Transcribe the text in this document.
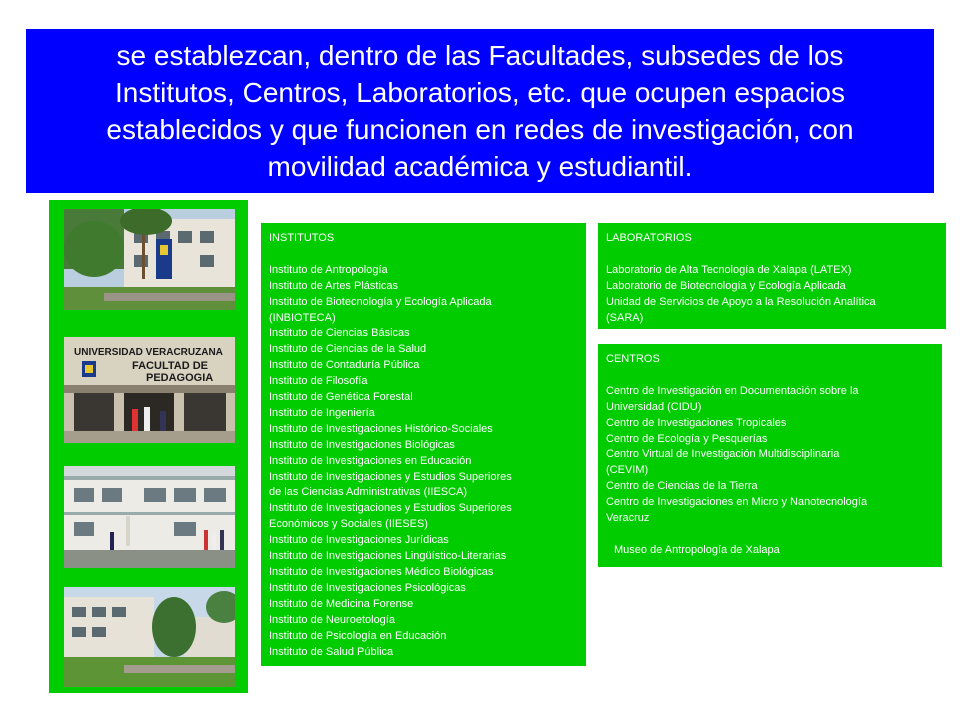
se establezcan, dentro de las Facultades, subsedes de los
Institutos, Centros, Laboratorios, etc. que ocupen espacios
establecidos y que funcionen en redes de investigación, con
movilidad académica y estudiantil.
UNIVERSIDAD VERACRUZANA
FACULTAD DE
PEDAGOGIA
INSTITUTOS
Instituto de Antropología
Instituto de Artes Plásticas
Instituto de Biotecnología y Ecología Aplicada
(INBIOTECA)
Instituto de Ciencias Básicas
Instituto de Ciencias de la Salud
Instituto de Contaduría Pública
Instituto de Filosofía
Instituto de Genética Forestal
Instituto de Ingeniería
Instituto de Investigaciones Histórico-Sociales
Instituto de Investigaciones Biológicas
Instituto de Investigaciones en Educación
Instituto de Investigaciones y Estudios Superiores
de las Ciencias Administrativas (IIESCA)
Instituto de Investigaciones y Estudios Superiores
Económicos y Sociales (IIESES)
Instituto de Investigaciones Jurídicas
Instituto de Investigaciones Lingüístico-Literarias
Instituto de Investigaciones Médico Biológicas
Instituto de Investigaciones Psicológicas
Instituto de Medicina Forense
Instituto de Neuroetología
Instituto de Psicología en Educación
Instituto de Salud Pública
LABORATORIOS
Laboratorio de Alta Tecnología de Xalapa (LATEX)
Laboratorio de Biotecnología y Ecología Aplicada
Unidad de Servicios de Apoyo a la Resolución Analítica
(SARA)
CENTROS
Centro de Investigación en Documentación sobre la
Universidad (CIDU)
Centro de Investigaciones Tropicales
Centro de Ecología y Pesquerías
Centro Virtual de Investigación Multidisciplinaria
(CEVIM)
Centro de Ciencias de la Tierra
Centro de Investigaciones en Micro y Nanotecnología
Veracruz
Museo de Antropología de Xalapa
